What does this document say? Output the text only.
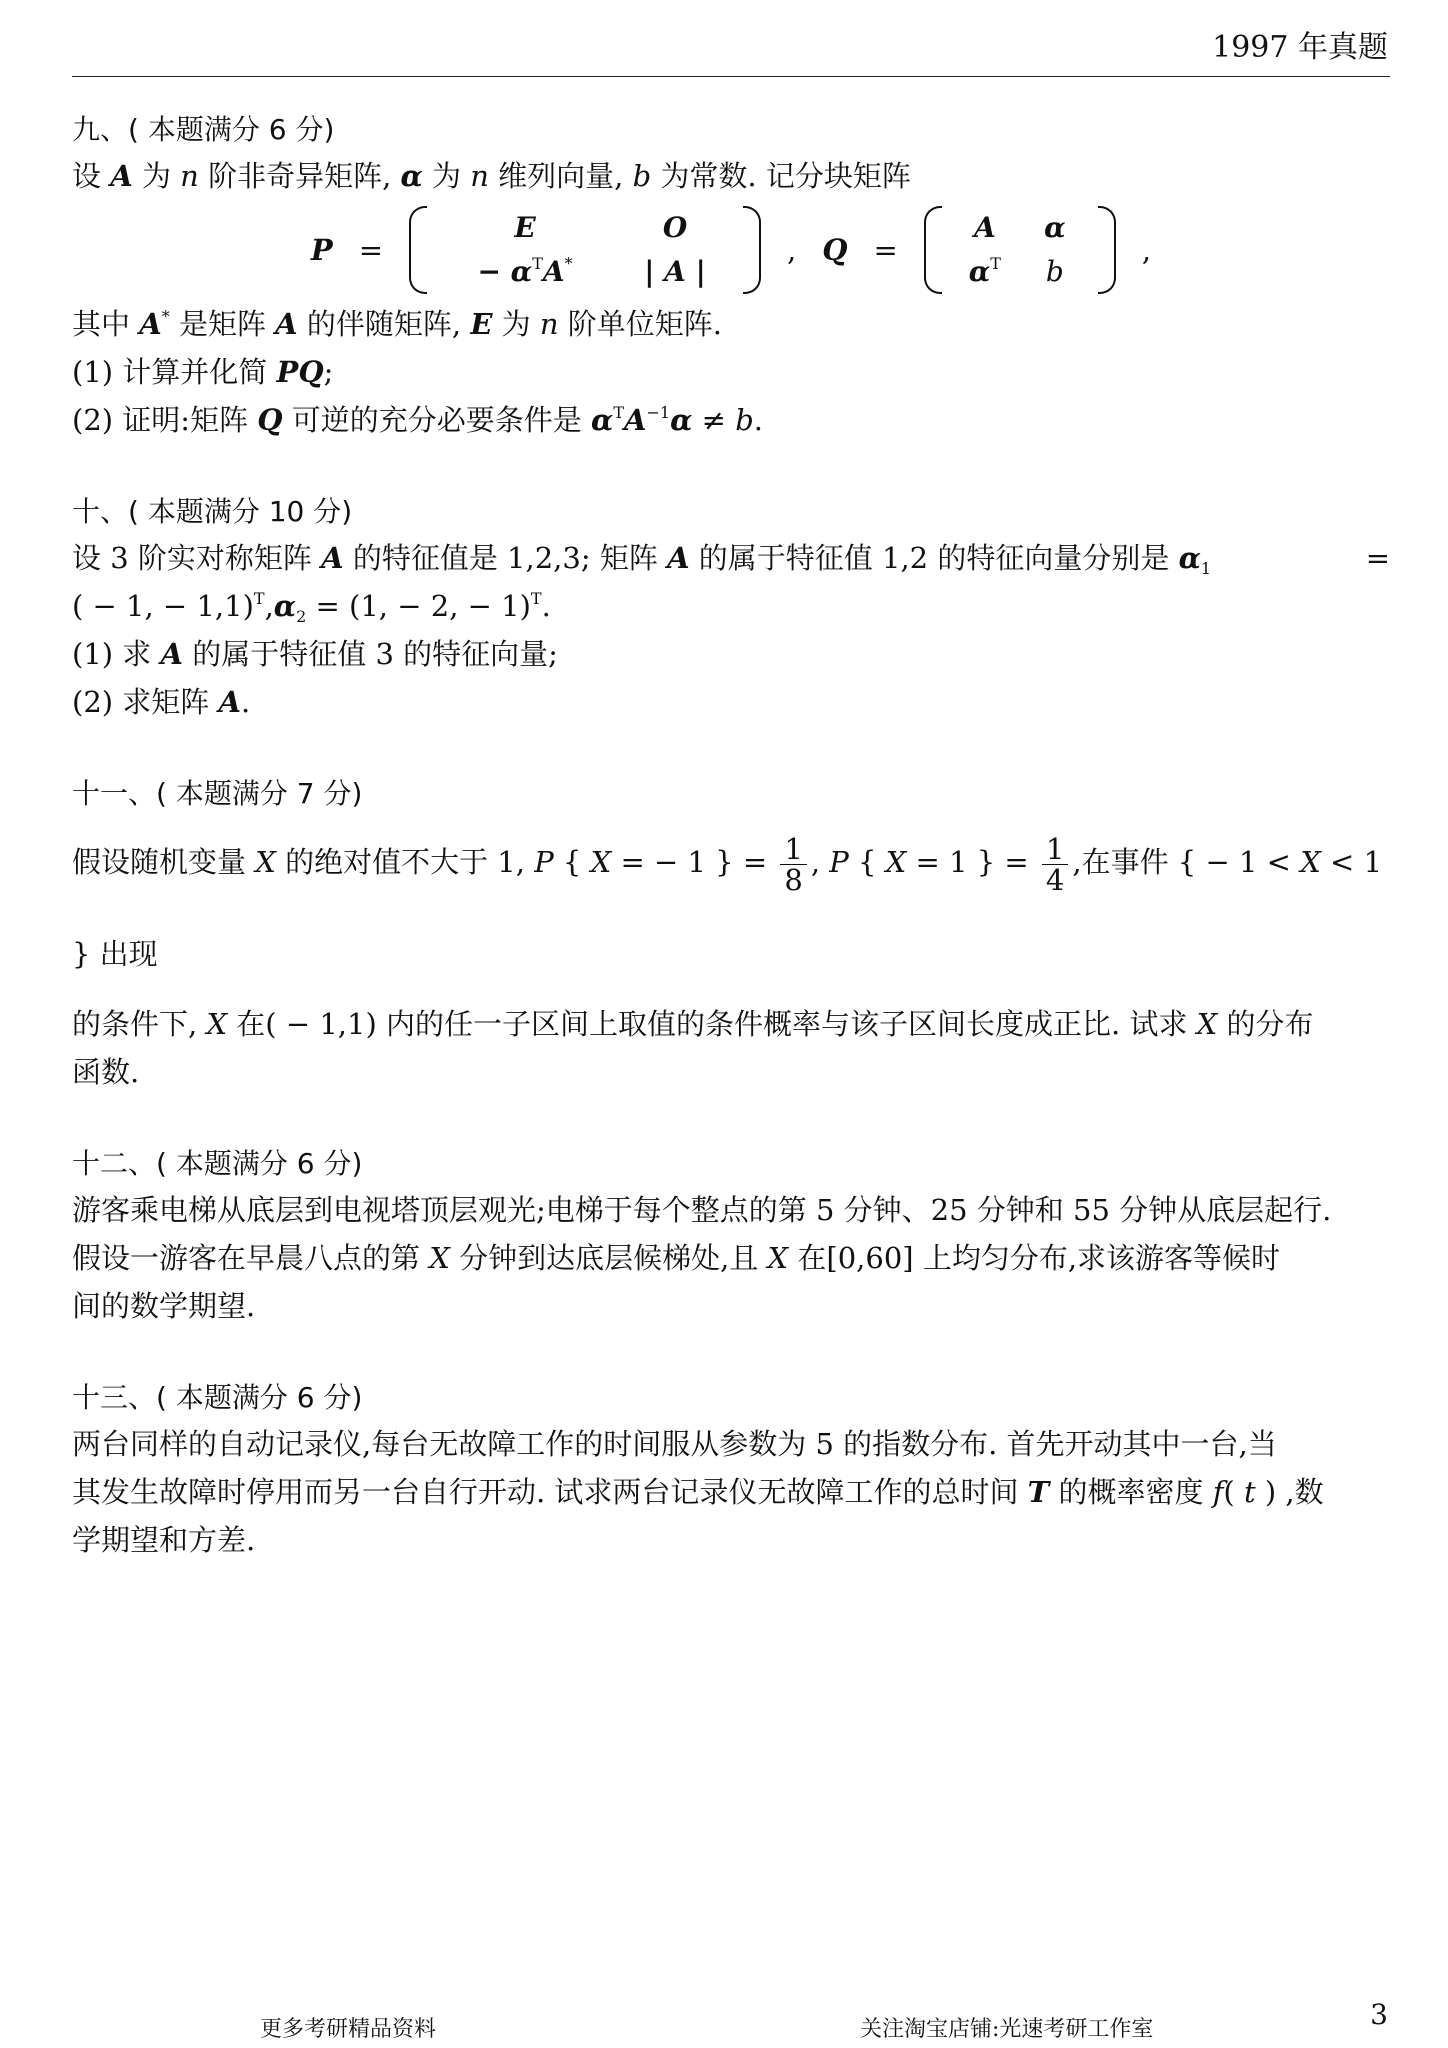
1997 年真题
九、( 本题满分 6 分)
设 A 为 n 阶非奇异矩阵, α 为 n 维列向量, b 为常数. 记分块矩阵
P =
E	O
− $\alpha^TA^*$	| A |
, Q =
A α
$\alpha^T$ b
,
其中 A* 是矩阵 A 的伴随矩阵, E 为 n 阶单位矩阵.
(1) 计算并化简 PQ;
(2) 证明:矩阵 Q 可逆的充分必要条件是 $\alpha^TA^{-1}\alpha \ne b$.
十、( 本题满分 10 分)
设 3 阶实对称矩阵 A 的特征值是 1,2,3; 矩阵 A 的属于特征值 1,2 的特征向量分别是 $\alpha_1$	=
( − 1, − $1,1)^T,\alpha_2 = (1$, − 2, − 1)$^T$.
(1) 求 A 的属于特征值 3 的特征向量;
(2) 求矩阵 A.
十一、( 本题满分 7 分)
假设随机变量 X 的绝对值不大于 1, P { X = − 1 } = $\frac{1}{8}$ , P { X = 1 } = $\frac{1}{4}$ ,在事件 { − 1 < X < 1 } 出现
的条件下, X 在( − 1,1) 内的任一子区间上取值的条件概率与该子区间长度成正比. 试求 X 的分布
函数.
十二、( 本题满分 6 分)
游客乘电梯从底层到电视塔顶层观光;电梯于每个整点的第 5 分钟、25 分钟和 55 分钟从底层起行.
假设一游客在早晨八点的第 X 分钟到达底层候梯处,且 X 在[0,60] 上均匀分布,求该游客等候时
间的数学期望.
十三、( 本题满分 6 分)
两台同样的自动记录仪,每台无故障工作的时间服从参数为 5 的指数分布. 首先开动其中一台,当
其发生故障时停用而另一台自行开动. 试求两台记录仪无故障工作的总时间 T 的概率密度 f( t ) ,数
学期望和方差.
更多考研精品资料	关注淘宝店铺:光速考研工作室	3
